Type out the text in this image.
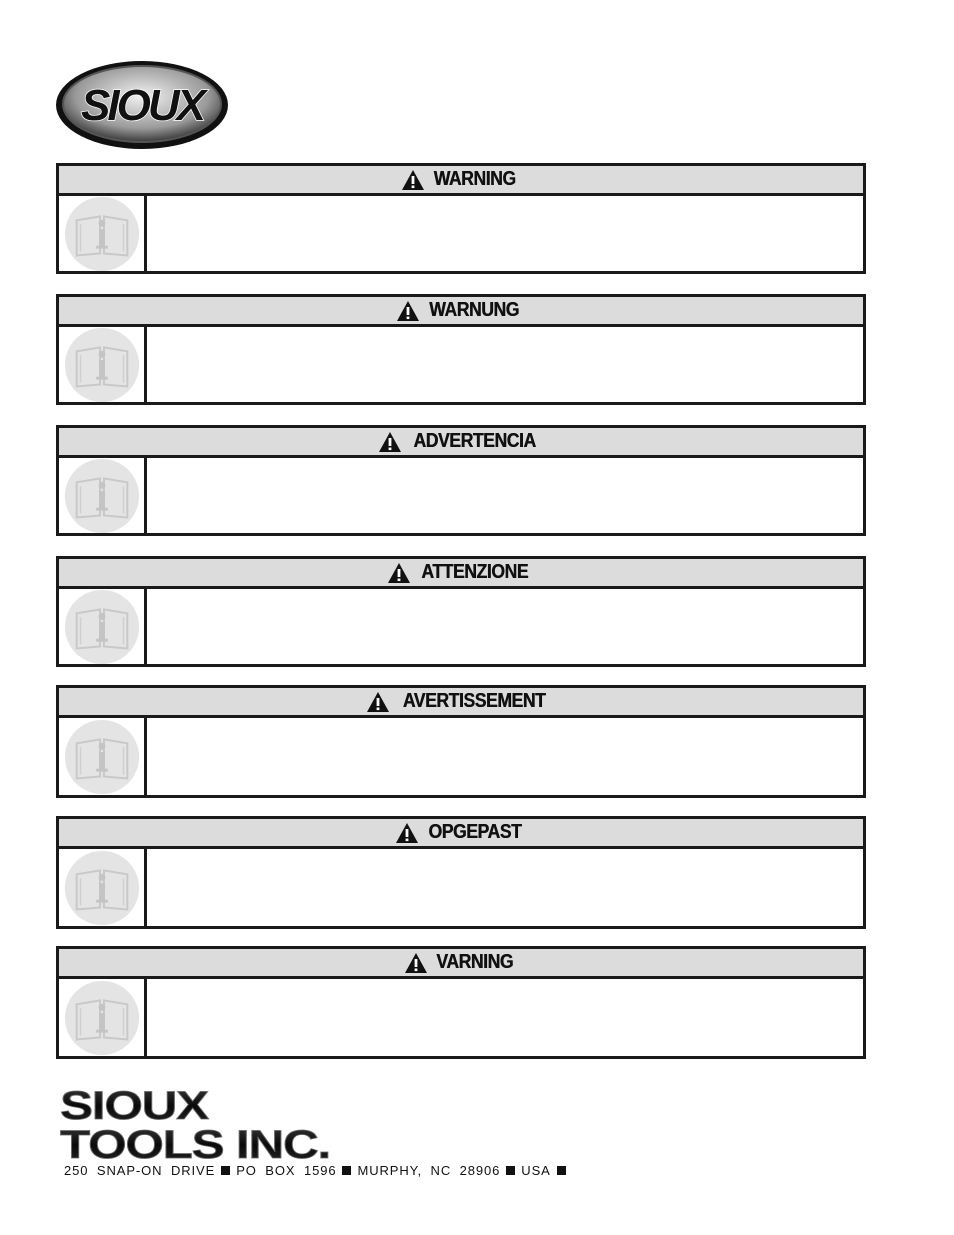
SIOUX
WARNING
WARNUNG
ADVERTENCIA
ATTENZIONE
AVERTISSEMENT
OPGEPAST
VARNING
SIOUX
TOOLS INC.
250 SNAP-ON DRIVE PO BOX 1596 MURPHY, NC 28906 USA
